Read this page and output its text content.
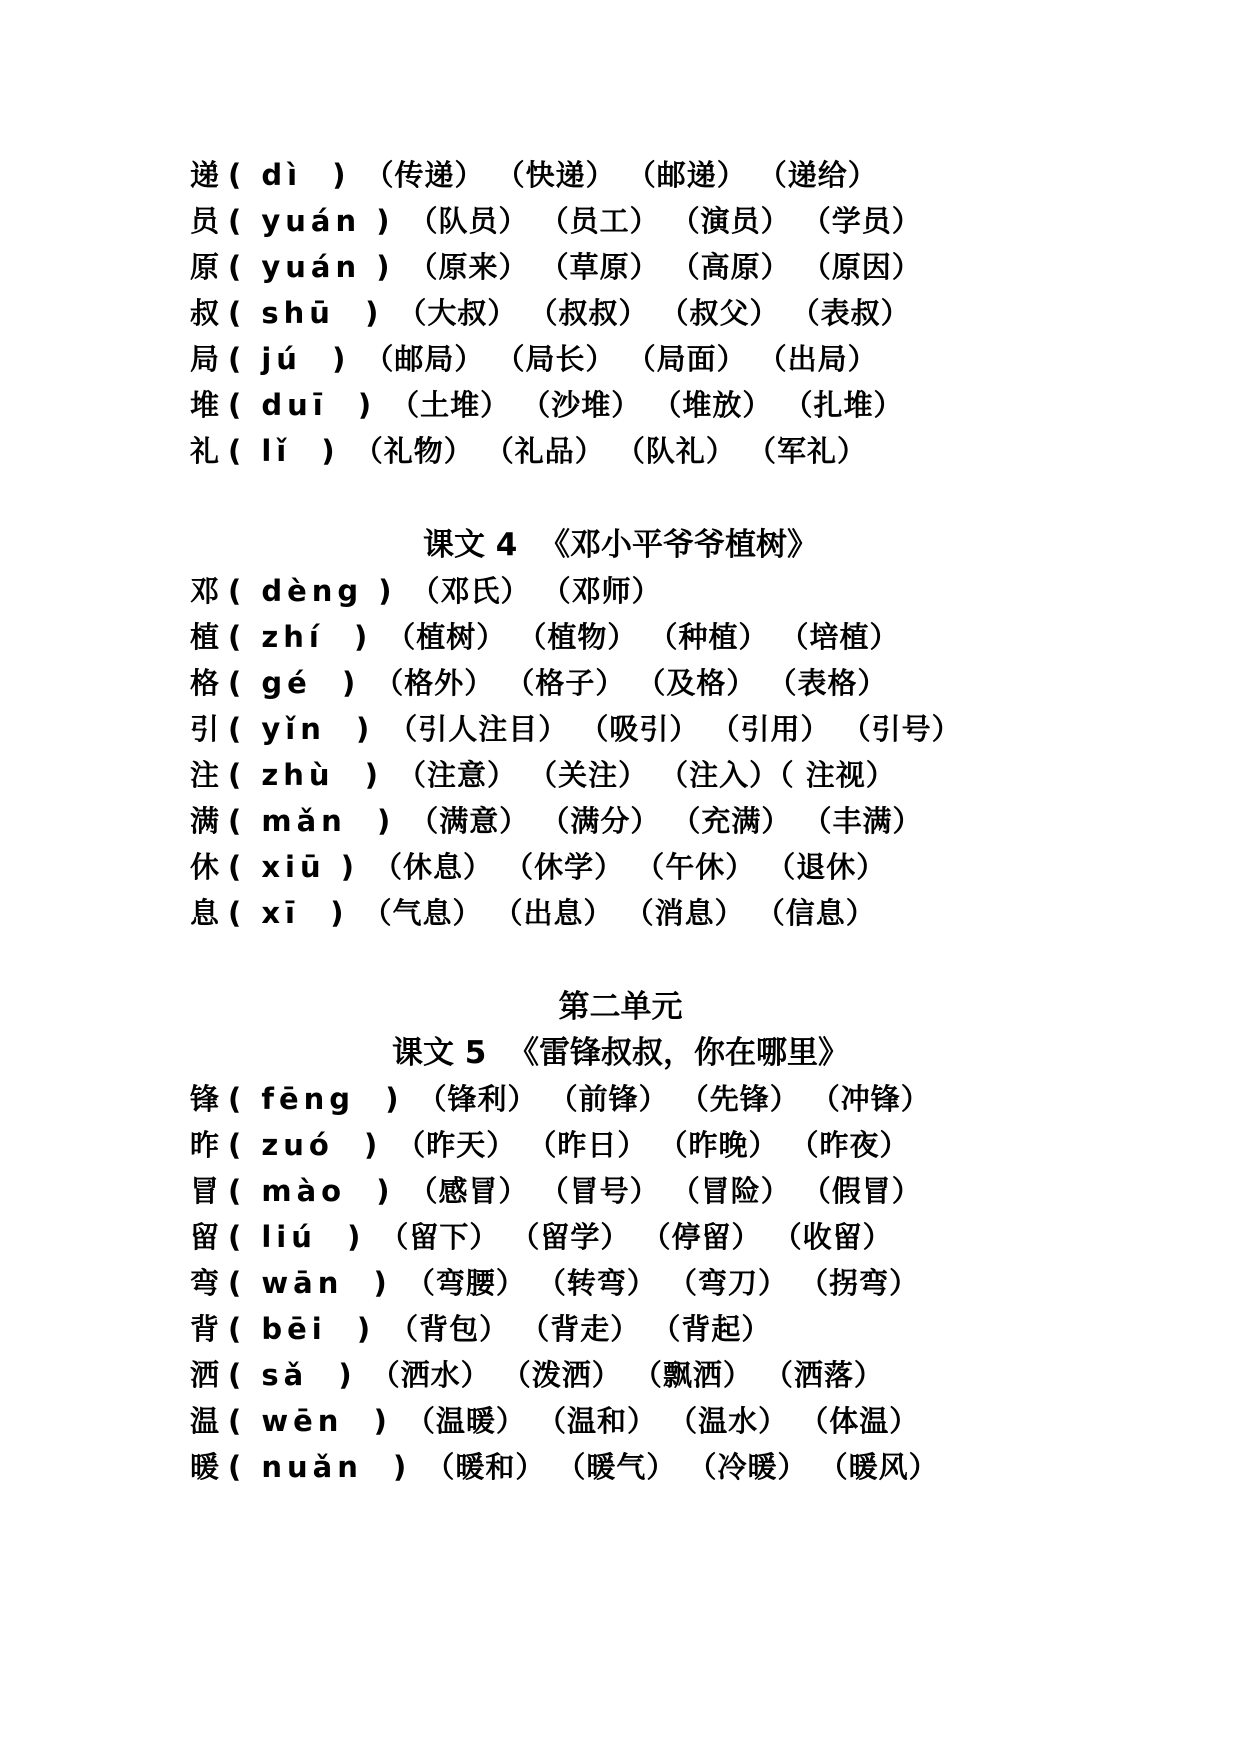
递 ( dì  ) （传递） （快递） （邮递） （递给）
员 ( yuán ) （队员） （员工） （演员） （学员）
原 ( yuán ) （原来） （草原） （高原） （原因）
叔 ( shū  ) （大叔） （叔叔） （叔父） （表叔）
局 ( jú  ) （邮局） （局长） （局面） （出局）
堆 ( duī  ) （土堆） （沙堆） （堆放） （扎堆）
礼 ( lǐ  ) （礼物） （礼品） （队礼） （军礼）
课文 4  《邓小平爷爷植树》
邓 ( dèng ) （邓氏） （邓师）
植 ( zhí  ) （植树） （植物） （种植） （培植）
格 ( gé  ) （格外） （格子） （及格） （表格）
引 ( yǐn  ) （引人注目） （吸引） （引用） （引号）
注 ( zhù  ) （注意） （关注） （注入）（ 注视）
满 ( mǎn  ) （满意） （满分） （充满） （丰满）
休 ( xiū ) （休息） （休学） （午休） （退休）
息 ( xī  ) （气息） （出息） （消息） （信息）
第二单元
课文 5  《雷锋叔叔，你在哪里》
锋 ( fēng  ) （锋利） （前锋） （先锋） （冲锋）
昨 ( zuó  ) （昨天） （昨日） （昨晚） （昨夜）
冒 ( mào  ) （感冒） （冒号） （冒险） （假冒）
留 ( liú  ) （留下） （留学） （停留） （收留）
弯 ( wān  ) （弯腰） （转弯） （弯刀） （拐弯）
背 ( bēi  ) （背包） （背走） （背起）
洒 ( sǎ  ) （洒水） （泼洒） （飘洒） （洒落）
温 ( wēn  ) （温暖） （温和） （温水） （体温）
暖 ( nuǎn  ) （暖和） （暖气） （冷暖） （暖风）
